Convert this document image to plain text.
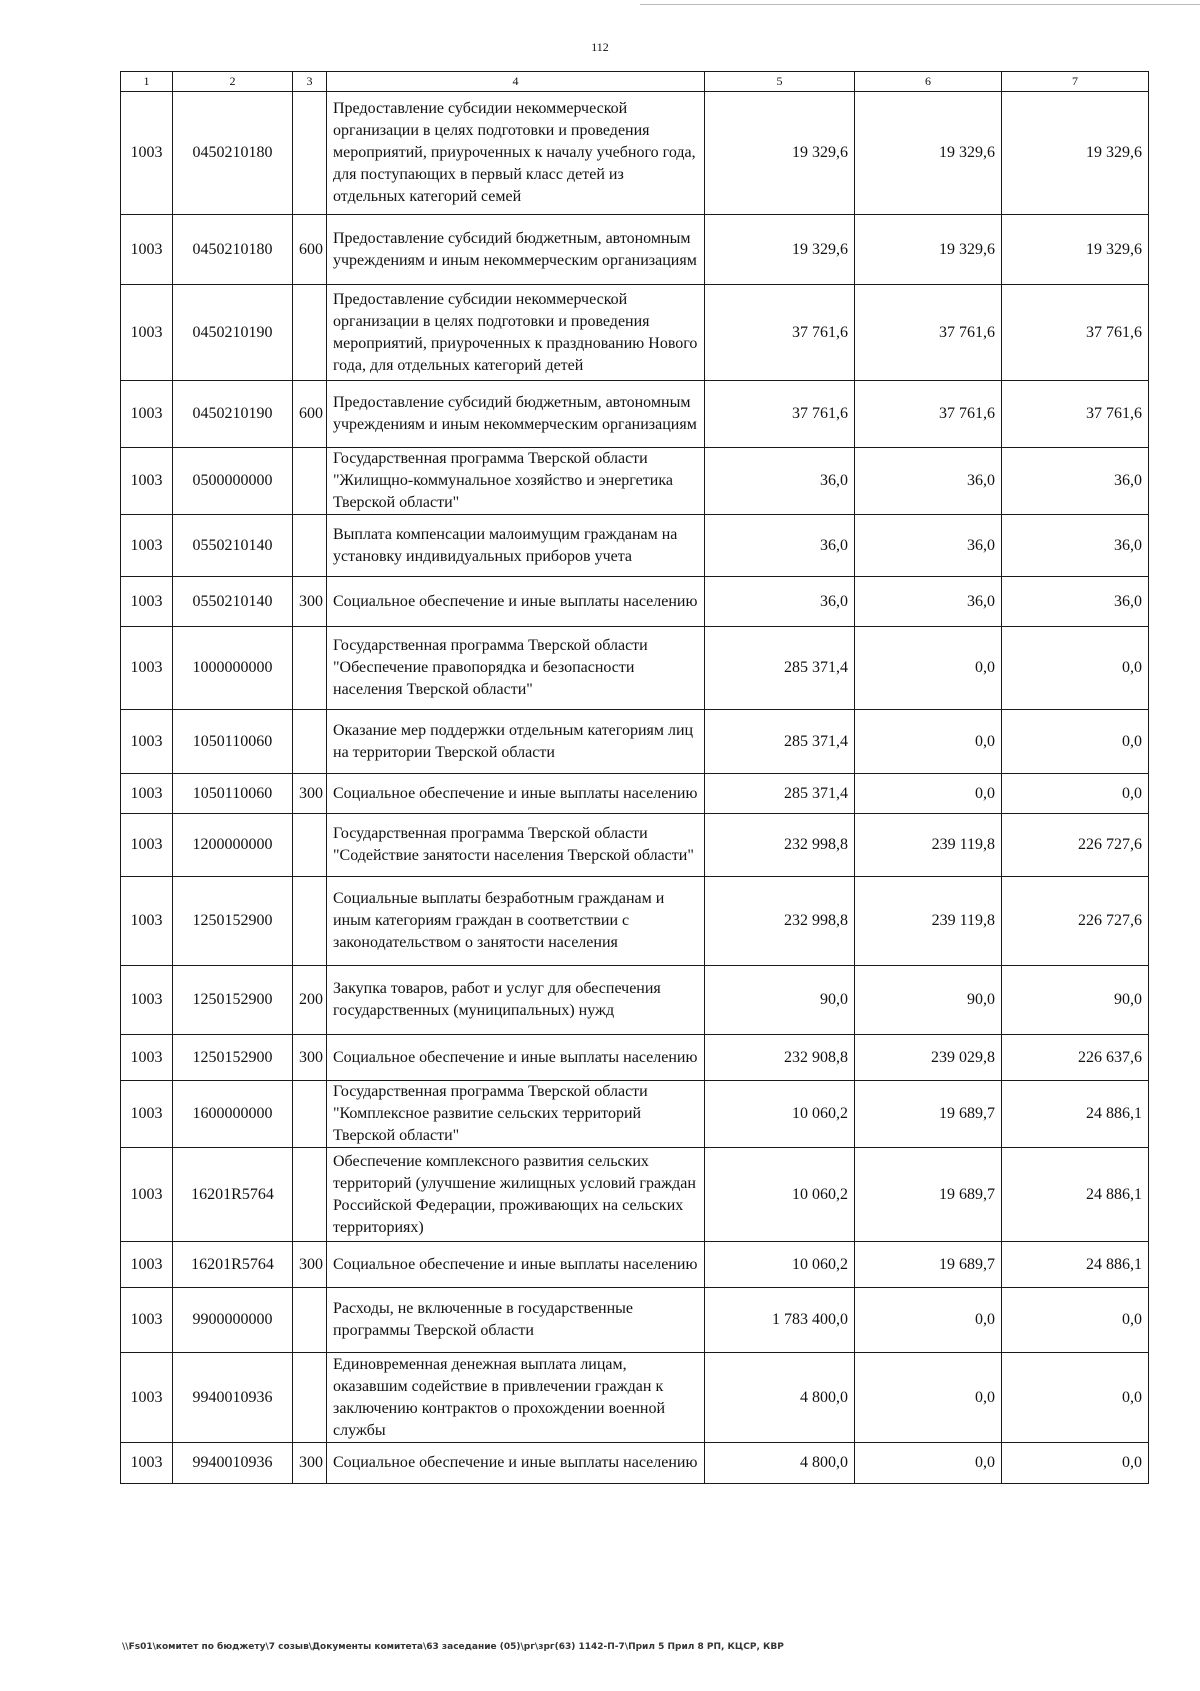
112
1	2	3	4	5	6	7
1003	0450210180		Предоставление субсидии некоммерческой организации в целях подготовки и проведения мероприятий, приуроченных к началу учебного года, для поступающих в первый класс детей из отдельных категорий семей	19 329,6	19 329,6	19 329,6
1003	0450210180	600	Предоставление субсидий бюджетным, автономным учреждениям и иным некоммерческим организациям	19 329,6	19 329,6	19 329,6
1003	0450210190		Предоставление субсидии некоммерческой организации в целях подготовки и проведения мероприятий, приуроченных к празднованию Нового года, для отдельных категорий детей	37 761,6	37 761,6	37 761,6
1003	0450210190	600	Предоставление субсидий бюджетным, автономным учреждениям и иным некоммерческим организациям	37 761,6	37 761,6	37 761,6
1003	0500000000		Государственная программа Тверской области "Жилищно-коммунальное хозяйство и энергетика Тверской области"	36,0	36,0	36,0
1003	0550210140		Выплата компенсации малоимущим гражданам на установку индивидуальных приборов учета	36,0	36,0	36,0
1003	0550210140	300	Социальное обеспечение и иные выплаты населению	36,0	36,0	36,0
1003	1000000000		Государственная программа Тверской области "Обеспечение правопорядка и безопасности населения Тверской области"	285 371,4	0,0	0,0
1003	1050110060		Оказание мер поддержки отдельным категориям лиц на территории Тверской области	285 371,4	0,0	0,0
1003	1050110060	300	Социальное обеспечение и иные выплаты населению	285 371,4	0,0	0,0
1003	1200000000		Государственная программа Тверской области "Содействие занятости населения Тверской области"	232 998,8	239 119,8	226 727,6
1003	1250152900		Социальные выплаты безработным гражданам и иным категориям граждан в соответствии с законодательством о занятости населения	232 998,8	239 119,8	226 727,6
1003	1250152900	200	Закупка товаров, работ и услуг для обеспечения государственных (муниципальных) нужд	90,0	90,0	90,0
1003	1250152900	300	Социальное обеспечение и иные выплаты населению	232 908,8	239 029,8	226 637,6
1003	1600000000		Государственная программа Тверской области "Комплексное развитие сельских территорий Тверской области"	10 060,2	19 689,7	24 886,1
1003	16201R5764		Обеспечение комплексного развития сельских территорий (улучшение жилищных условий граждан Российской Федерации, проживающих на сельских территориях)	10 060,2	19 689,7	24 886,1
1003	16201R5764	300	Социальное обеспечение и иные выплаты населению	10 060,2	19 689,7	24 886,1
1003	9900000000		Расходы, не включенные в государственные программы Тверской области	1 783 400,0	0,0	0,0
1003	9940010936		Единовременная денежная выплата лицам, оказавшим содействие в привлечении граждан к заключению контрактов о прохождении военной службы	4 800,0	0,0	0,0
1003	9940010936	300	Социальное обеспечение и иные выплаты населению	4 800,0	0,0	0,0
\\Fs01\комитет по бюджету\7 созыв\Документы комитета\63 заседание (05)\рг\зрг(63) 1142-П-7\Прил 5 Прил 8 РП, КЦСР, КВР
